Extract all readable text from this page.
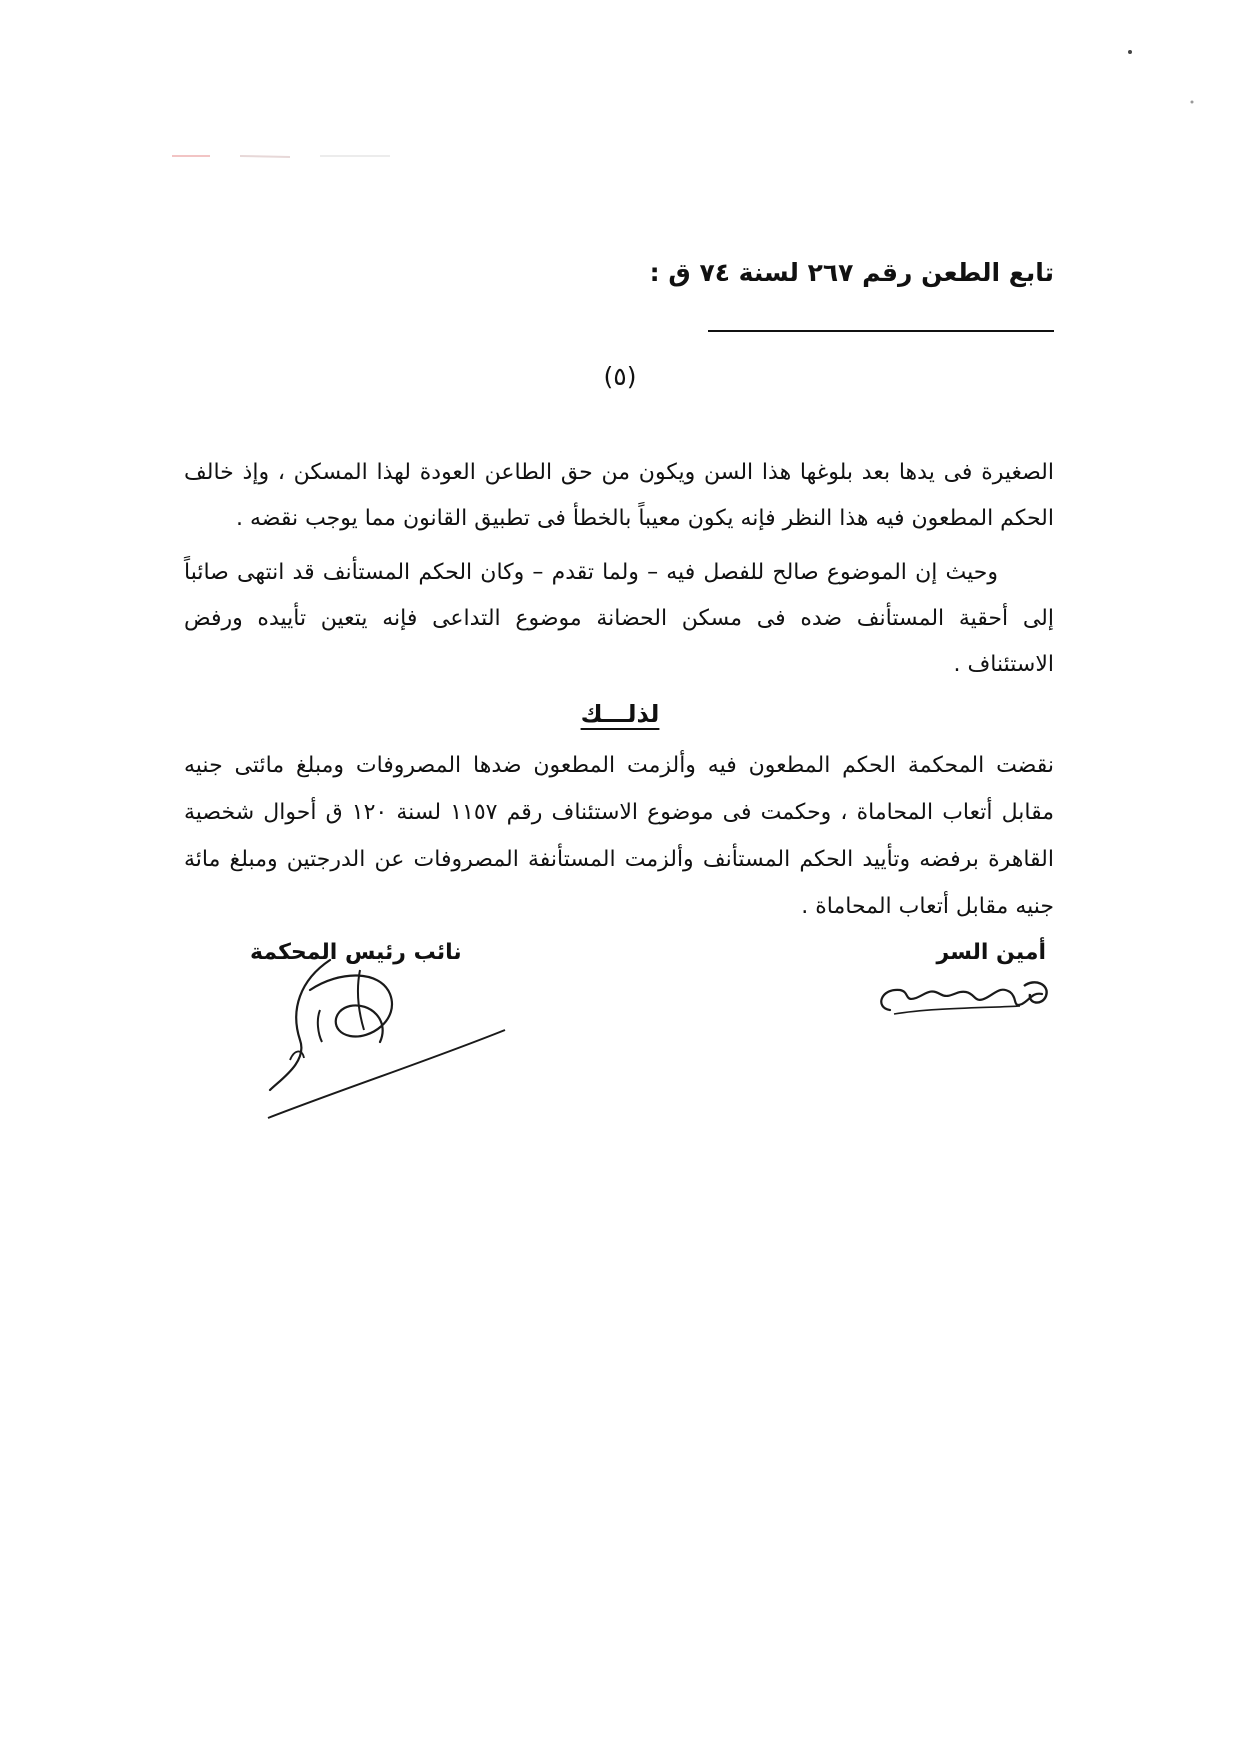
تابع الطعن رقم ٢٦٧ لسنة ٧٤ ق :
(٥)
الصغيرة فى يدها بعد بلوغها هذا السن ويكون من حق الطاعن العودة لهذا المسكن ، وإذ خالف الحكم المطعون فيه هذا النظر فإنه يكون معيباً بالخطأ فى تطبيق القانون مما يوجب نقضه .
وحيث إن الموضوع صالح للفصل فيه – ولما تقدم – وكان الحكم المستأنف قد انتهى صائباً إلى أحقية المستأنف ضده فى مسكن الحضانة موضوع التداعى فإنه يتعين تأييده ورفض الاستئناف .
لذلـــك
نقضت المحكمة الحكم المطعون فيه وألزمت المطعون ضدها المصروفات ومبلغ مائتى جنيه مقابل أتعاب المحاماة ، وحكمت فى موضوع الاستئناف رقم ١١٥٧ لسنة ١٢٠ ق أحوال شخصية القاهرة برفضه وتأييد الحكم المستأنف وألزمت المستأنفة المصروفات عن الدرجتين ومبلغ مائة جنيه مقابل أتعاب المحاماة .
أمين السر
نائب رئيس المحكمة
